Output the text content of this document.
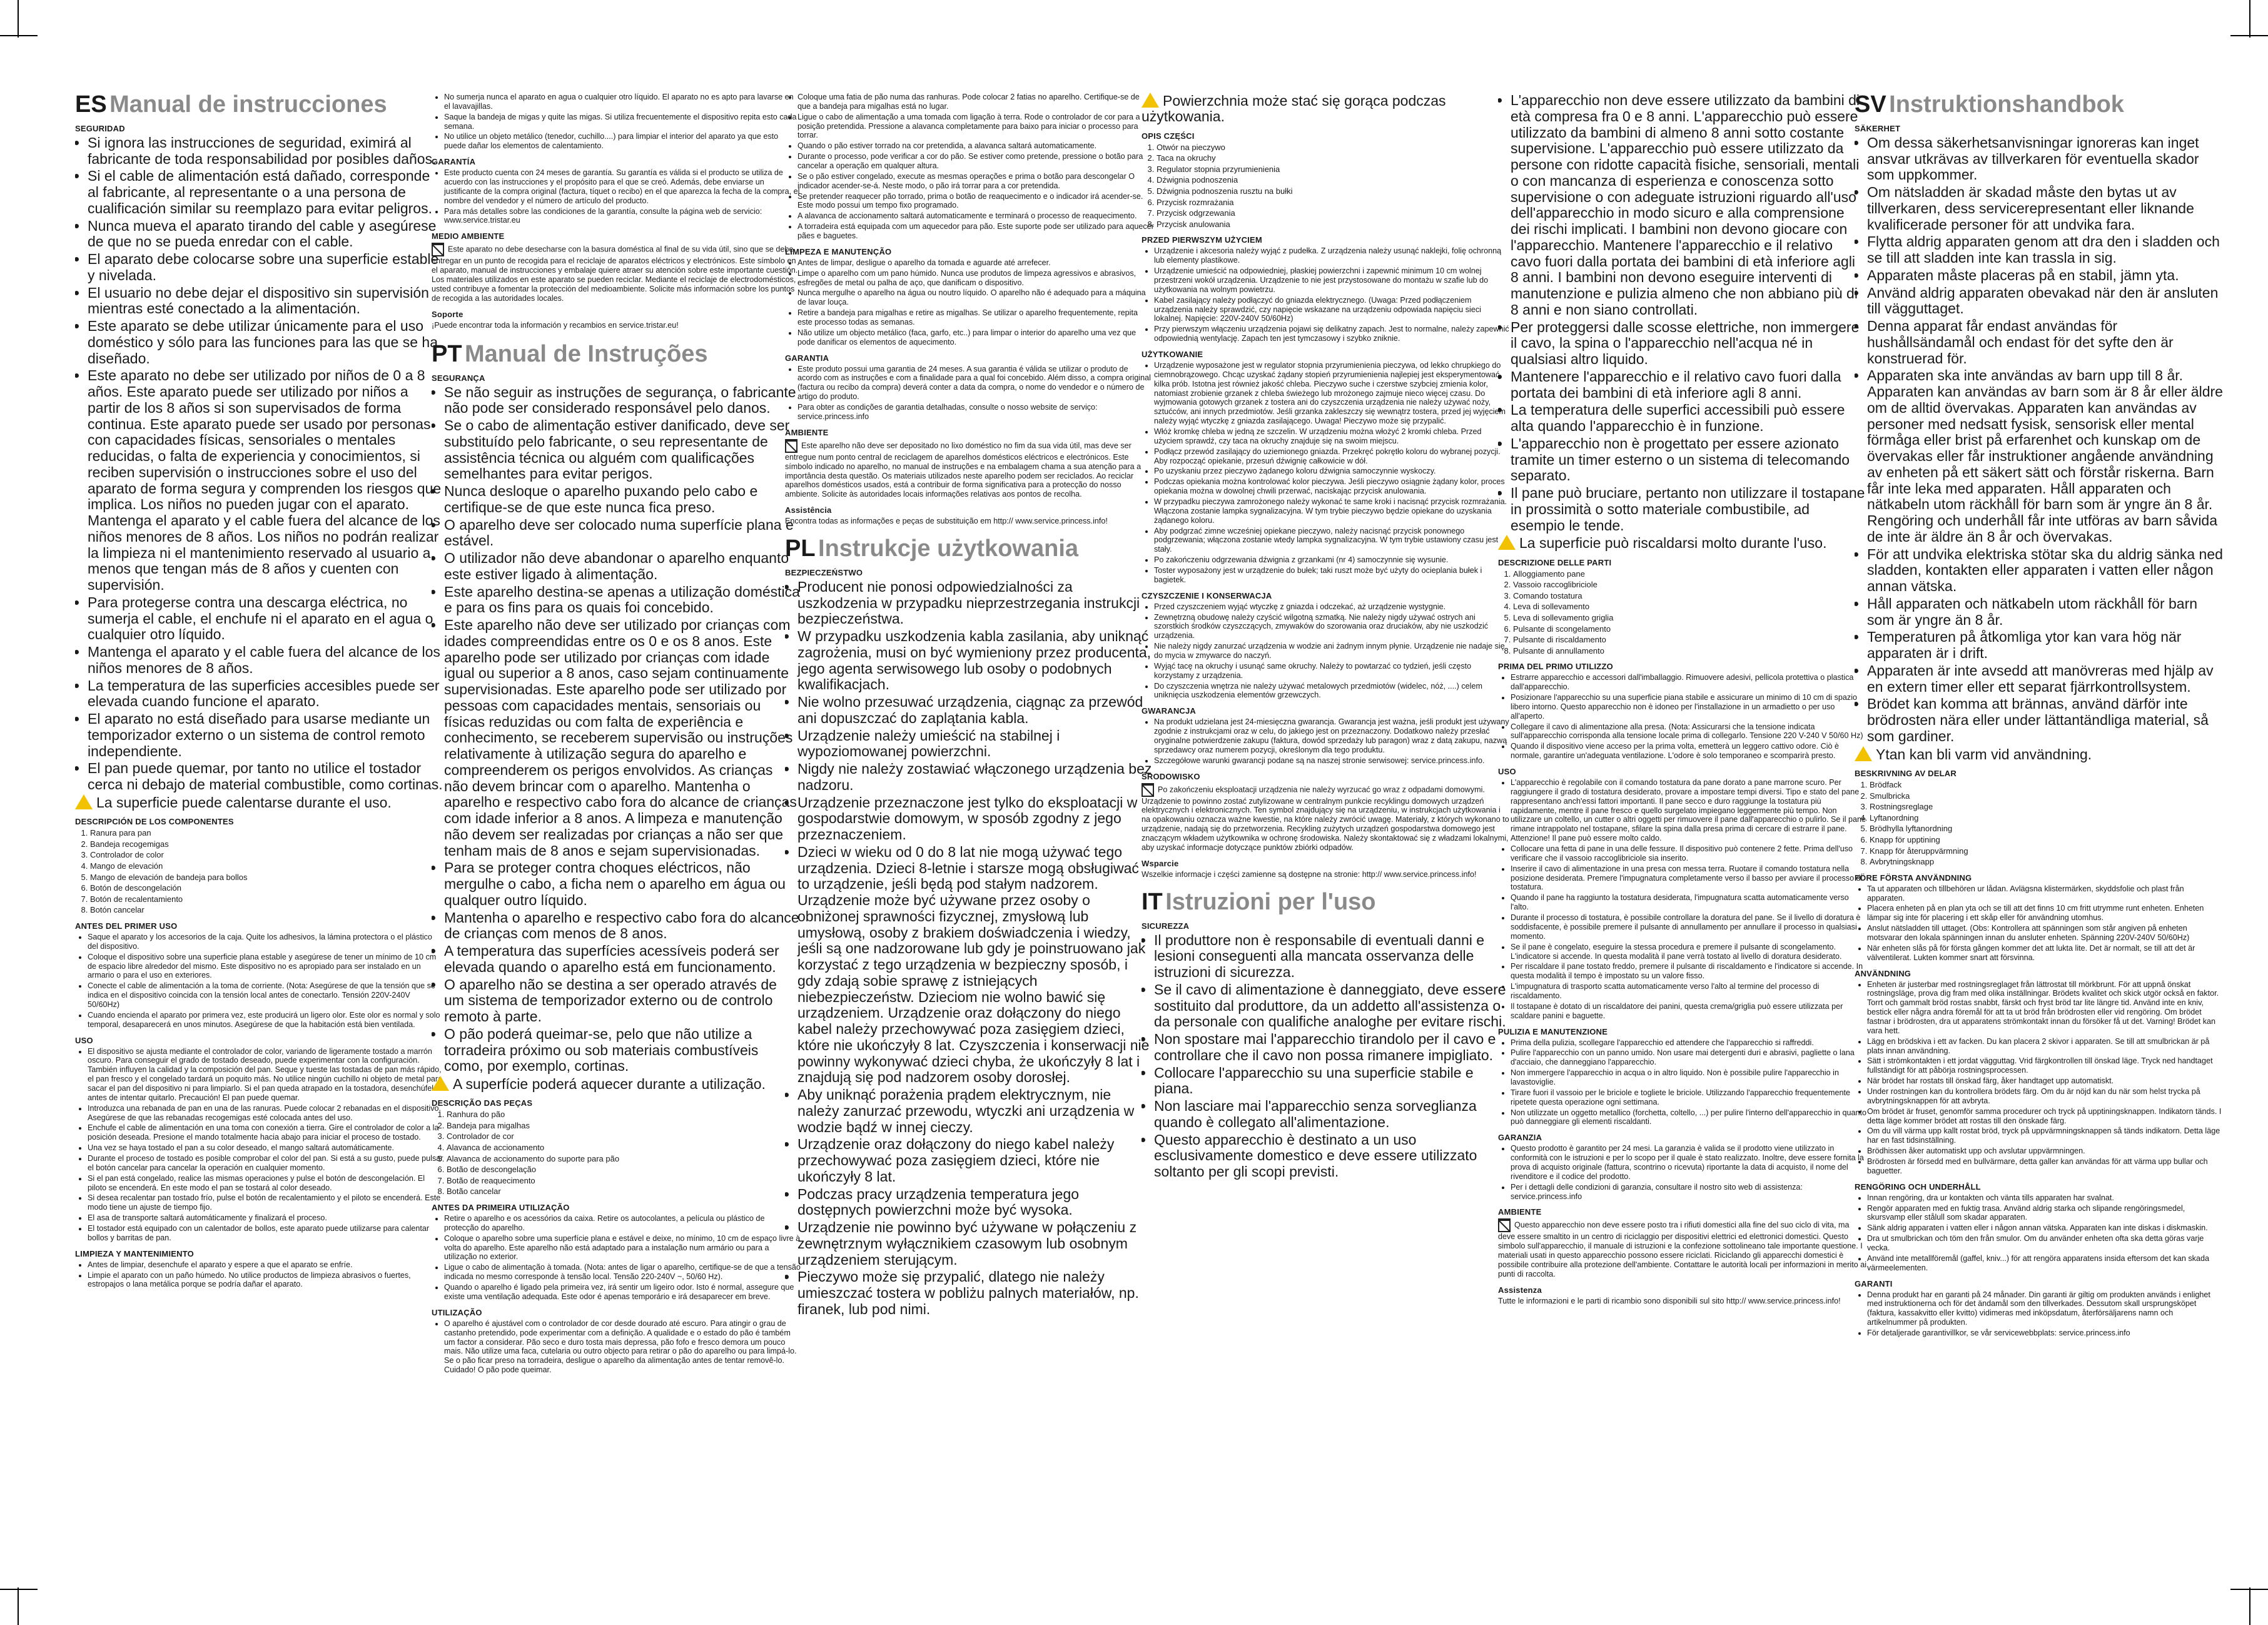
ES Manual de instrucciones
SEGURIDAD
• Si ignora las instrucciones de seguridad, eximirá al fabricante de toda responsabilidad por posibles daños.
• Si el cable de alimentación está dañado, corresponde al fabricante, al representante o a una persona de cualificación similar su reemplazo para evitar peligros.
• Nunca mueva el aparato tirando del cable y asegúrese de que no se pueda enredar con el cable.
• El aparato debe colocarse sobre una superficie estable y nivelada.
• El usuario no debe dejar el dispositivo sin supervisión mientras esté conectado a la alimentación.
• Este aparato se debe utilizar únicamente para el uso doméstico y sólo para las funciones para las que se ha diseñado.
• Este aparato no debe ser utilizado por niños de 0 a 8 años. Este aparato puede ser utilizado por niños a partir de los 8 años si son supervisados de forma continua. Este aparato puede ser usado por personas con capacidades físicas, sensoriales o mentales reducidas, o falta de experiencia y conocimientos, si reciben supervisión o instrucciones sobre el uso del aparato de forma segura y comprenden los riesgos que implica. Los niños no pueden jugar con el aparato. Mantenga el aparato y el cable fuera del alcance de los niños menores de 8 años. Los niños no podrán realizar la limpieza ni el mantenimiento reservado al usuario a menos que tengan más de 8 años y cuenten con supervisión.
• Para protegerse contra una descarga eléctrica, no sumerja el cable, el enchufe ni el aparato en el agua o cualquier otro líquido.
• Mantenga el aparato y el cable fuera del alcance de los niños menores de 8 años.
• La temperatura de las superficies accesibles puede ser elevada cuando funcione el aparato.
• El aparato no está diseñado para usarse mediante un temporizador externo o un sistema de control remoto independiente.
• El pan puede quemar, por tanto no utilice el tostador cerca ni debajo de material combustible, como cortinas.
La superficie puede calentarse durante el uso.
DESCRIPCIÓN DE LOS COMPONENTES
1. Ranura para pan
2. Bandeja recogemigas
3. Controlador de color
4. Mango de elevación
5. Mango de elevación de bandeja para bollos
6. Botón de descongelación
7. Botón de recalentamiento
8. Botón cancelar
ANTES DEL PRIMER USO
• Saque el aparato y los accesorios de la caja. Quite los adhesivos, la lámina protectora o el plástico del dispositivo.
• Coloque el dispositivo sobre una superficie plana estable y asegúrese de tener un mínimo de 10 cm de espacio libre alrededor del mismo. Este dispositivo no es apropiado para ser instalado en un armario o para el uso en exteriores.
• Conecte el cable de alimentación a la toma de corriente. (Nota: Asegúrese de que la tensión que se indica en el dispositivo coincida con la tensión local antes de conectarlo. Tensión 220V-240V 50/60Hz)
• Cuando encienda el aparato por primera vez, este producirá un ligero olor. Este olor es normal y solo temporal, desaparecerá en unos minutos. Asegúrese de que la habitación está bien ventilada.
USO
• El dispositivo se ajusta mediante el controlador de color, variando de ligeramente tostado a marrón oscuro. Para conseguir el grado de tostado deseado, puede experimentar con la configuración. También influyen la calidad y la composición del pan. Seque y tueste las tostadas de pan más rápido, el pan fresco y el congelado tardará un poquito más. No utilice ningún cuchillo ni objeto de metal para sacar el pan del dispositivo ni para limpiarlo. Si el pan queda atrapado en la tostadora, desenchúfela antes de intentar quitarlo. Precaución! El pan puede quemar.
• Introduzca una rebanada de pan en una de las ranuras. Puede colocar 2 rebanadas en el dispositivo. Asegúrese de que las rebanadas recogemigas esté colocada antes del uso.
• Enchufe el cable de alimentación en una toma con conexión a tierra. Gire el controlador de color a la posición deseada. Presione el mando totalmente hacia abajo para iniciar el proceso de tostado.
• Una vez se haya tostado el pan a su color deseado, el mango saltará automáticamente.
• Durante el proceso de tostado es posible comprobar el color del pan. Si está a su gusto, puede pulsar el botón cancelar para cancelar la operación en cualquier momento.
• Si el pan está congelado, realice las mismas operaciones y pulse el botón de descongelación. El piloto se encenderá. En este modo el pan se tostará al color deseado.
• Si desea recalentar pan tostado frío, pulse el botón de recalentamiento y el piloto se encenderá. Este modo tiene un ajuste de tiempo fijo.
• El asa de transporte saltará automáticamente y finalizará el proceso.
• El tostador está equipado con un calentador de bollos, este aparato puede utilizarse para calentar bollos y barritas de pan.
LIMPIEZA Y MANTENIMIENTO
• Antes de limpiar, desenchufe el aparato y espere a que el aparato se enfríe.
• Limpie el aparato con un paño húmedo. No utilice productos de limpieza abrasivos o fuertes, estropajos o lana metálica porque se podría dañar el aparato.
• No sumerja nunca el aparato en agua o cualquier otro líquido. El aparato no es apto para lavarse en el lavavajillas.
• Saque la bandeja de migas y quite las migas. Si utiliza frecuentemente el dispositivo repita esto cada semana.
• No utilice un objeto metálico (tenedor, cuchillo....) para limpiar el interior del aparato ya que esto puede dañar los elementos de calentamiento.
GARANTÍA
• Este producto cuenta con 24 meses de garantía. Su garantía es válida si el producto se utiliza de acuerdo con las instrucciones y el propósito para el que se creó. Además, debe enviarse un justificante de la compra original (factura, tíquet o recibo) en el que aparezca la fecha de la compra, el nombre del vendedor y el número de artículo del producto.
• Para más detalles sobre las condiciones de la garantía, consulte la página web de servicio: www.service.tristar.eu
MEDIO AMBIENTE

Este aparato no debe desecharse con la basura doméstica al final de su vida útil, sino que se debe entregar en un punto de recogida para el reciclaje de aparatos eléctricos y electrónicos. Este símbolo en el aparato, manual de instrucciones y embalaje quiere atraer su atención sobre este importante cuestión. Los materiales utilizados en este aparato se pueden reciclar. Mediante el reciclaje de electrodomésticos, usted contribuye a fomentar la protección del medioambiente. Solicite más información sobre los puntos de recogida a las autoridades locales.

Soporte

¡Puede encontrar toda la información y recambios en service.tristar.eu!

PT Manual de Instruções
SEGURANÇA
• Se não seguir as instruções de segurança, o fabricante não pode ser considerado responsável pelo danos.
• Se o cabo de alimentação estiver danificado, deve ser substituído pelo fabricante, o seu representante de assistência técnica ou alguém com qualificações semelhantes para evitar perigos.
• Nunca desloque o aparelho puxando pelo cabo e certifique-se de que este nunca fica preso.
• O aparelho deve ser colocado numa superfície plana e estável.
• O utilizador não deve abandonar o aparelho enquanto este estiver ligado à alimentação.
• Este aparelho destina-se apenas a utilização doméstica e para os fins para os quais foi concebido.
• Este aparelho não deve ser utilizado por crianças com idades compreendidas entre os 0 e os 8 anos. Este aparelho pode ser utilizado por crianças com idade igual ou superior a 8 anos, caso sejam continuamente supervisionadas. Este aparelho pode ser utilizado por pessoas com capacidades mentais, sensoriais ou físicas reduzidas ou com falta de experiência e conhecimento, se receberem supervisão ou instruções relativamente à utilização segura do aparelho e compreenderem os perigos envolvidos. As crianças não devem brincar com o aparelho. Mantenha o aparelho e respectivo cabo fora do alcance de crianças com idade inferior a 8 anos. A limpeza e manutenção não devem ser realizadas por crianças a não ser que tenham mais de 8 anos e sejam supervisionadas.
• Para se proteger contra choques eléctricos, não mergulhe o cabo, a ficha nem o aparelho em água ou qualquer outro líquido.
• Mantenha o aparelho e respectivo cabo fora do alcance de crianças com menos de 8 anos.
• A temperatura das superfícies acessíveis poderá ser elevada quando o aparelho está em funcionamento.
• O aparelho não se destina a ser operado através de um sistema de temporizador externo ou de controlo remoto à parte.
• O pão poderá queimar-se, pelo que não utilize a torradeira próximo ou sob materiais combustíveis como, por exemplo, cortinas.
A superfície poderá aquecer durante a utilização.
DESCRIÇÃO DAS PEÇAS
1. Ranhura do pão
2. Bandeja para migalhas
3. Controlador de cor
4. Alavanca de accionamento
5. Alavanca de accionamento do suporte para pão
6. Botão de descongelação
7. Botão de reaquecimento
8. Botão cancelar
ANTES DA PRIMEIRA UTILIZAÇÃO
• Retire o aparelho e os acessórios da caixa. Retire os autocolantes, a película ou plástico de protecção do aparelho.
• Coloque o aparelho sobre uma superfície plana e estável e deixe, no mínimo, 10 cm de espaço livre à volta do aparelho. Este aparelho não está adaptado para a instalação num armário ou para a utilização no exterior.
• Ligue o cabo de alimentação à tomada. (Nota: antes de ligar o aparelho, certifique-se de que a tensão indicada no mesmo corresponde à tensão local. Tensão 220-240V ~, 50/60 Hz).
• Quando o aparelho é ligado pela primeira vez, irá sentir um ligeiro odor. Isto é normal, assegure que existe uma ventilação adequada. Este odor é apenas temporário e irá desaparecer em breve.
UTILIZAÇÃO
• O aparelho é ajustável com o controlador de cor desde dourado até escuro. Para atingir o grau de castanho pretendido, pode experimentar com a definição. A qualidade e o estado do pão é também um factor a considerar. Pão seco e duro tosta mais depressa, pão fofo e fresco demora um pouco mais. Não utilize uma faca, cutelaria ou outro objecto para retirar o pão do aparelho ou para limpá-lo. Se o pão ficar preso na torradeira, desligue o aparelho da alimentação antes de tentar removê-lo. Cuidado! O pão pode queimar.
• Coloque uma fatia de pão numa das ranhuras. Pode colocar 2 fatias no aparelho. Certifique-se de que a bandeja para migalhas está no lugar.
• Ligue o cabo de alimentação a uma tomada com ligação à terra. Rode o controlador de cor para a posição pretendida. Pressione a alavanca completamente para baixo para iniciar o processo para torrar.
• Quando o pão estiver torrado na cor pretendida, a alavanca saltará automaticamente.
• Durante o processo, pode verificar a cor do pão. Se estiver como pretende, pressione o botão para cancelar a operação em qualquer altura.
• Se o pão estiver congelado, execute as mesmas operações e prima o botão para descongelar O indicador acender-se-á. Neste modo, o pão irá torrar para a cor pretendida.
• Se pretender reaquecer pão torrado, prima o botão de reaquecimento e o indicador irá acender-se. Este modo possui um tempo fixo programado.
• A alavanca de accionamento saltará automaticamente e terminará o processo de reaquecimento.
• A torradeira está equipada com um aquecedor para pão. Este suporte pode ser utilizado para aquecer pães e baguetes.
LIMPEZA E MANUTENÇÃO
• Antes de limpar, desligue o aparelho da tomada e aguarde até arrefecer.
• Limpe o aparelho com um pano húmido. Nunca use produtos de limpeza agressivos e abrasivos, esfregões de metal ou palha de aço, que danificam o dispositivo.
• Nunca mergulhe o aparelho na água ou noutro líquido. O aparelho não é adequado para a máquina de lavar louça.
• Retire a bandeja para migalhas e retire as migalhas. Se utilizar o aparelho frequentemente, repita este processo todas as semanas.
• Não utilize um objecto metálico (faca, garfo, etc..) para limpar o interior do aparelho uma vez que pode danificar os elementos de aquecimento.
GARANTIA
• Este produto possui uma garantia de 24 meses. A sua garantia é válida se utilizar o produto de acordo com as instruções e com a finalidade para a qual foi concebido. Além disso, a compra original (factura ou recibo da compra) deverá conter a data da compra, o nome do vendedor e o número de artigo do produto.
• Para obter as condições de garantia detalhadas, consulte o nosso website de serviço: service.princess.info
AMBIENTE

Este aparelho não deve ser depositado no lixo doméstico no fim da sua vida útil, mas deve ser entregue num ponto central de reciclagem de aparelhos domésticos eléctricos e electrónicos. Este símbolo indicado no aparelho, no manual de instruções e na embalagem chama a sua atenção para a importância desta questão. Os materiais utilizados neste aparelho podem ser reciclados. Ao reciclar aparelhos domésticos usados, está a contribuir de forma significativa para a protecção do nosso ambiente. Solicite às autoridades locais informações relativas aos pontos de recolha.

Assistência

Encontra todas as informações e peças de substituição em http:// www.service.princess.info!

PL Instrukcje użytkowania
BEZPIECZEŃSTWO
• Producent nie ponosi odpowiedzialności za uszkodzenia w przypadku nieprzestrzegania instrukcji bezpieczeństwa.
• W przypadku uszkodzenia kabla zasilania, aby uniknąć zagrożenia, musi on być wymieniony przez producenta, jego agenta serwisowego lub osoby o podobnych kwalifikacjach.
• Nie wolno przesuwać urządzenia, ciągnąc za przewód ani dopuszczać do zaplątania kabla.
• Urządzenie należy umieścić na stabilnej i wypoziomowanej powierzchni.
• Nigdy nie należy zostawiać włączonego urządzenia bez nadzoru.
• Urządzenie przeznaczone jest tylko do eksploatacji w gospodarstwie domowym, w sposób zgodny z jego przeznaczeniem.
• Dzieci w wieku od 0 do 8 lat nie mogą używać tego urządzenia. Dzieci 8-letnie i starsze mogą obsługiwać to urządzenie, jeśli będą pod stałym nadzorem. Urządzenie może być używane przez osoby o obniżonej sprawności fizycznej, zmysłową lub umysłową, osoby z brakiem doświadczenia i wiedzy, jeśli są one nadzorowane lub gdy je poinstruowano jak korzystać z tego urządzenia w bezpieczny sposób, i gdy zdają sobie sprawę z istniejących niebezpieczeństw. Dzieciom nie wolno bawić się urządzeniem. Urządzenie oraz dołączony do niego kabel należy przechowywać poza zasięgiem dzieci, które nie ukończyły 8 lat. Czyszczenia i konserwacji nie powinny wykonywać dzieci chyba, że ukończyły 8 lat i znajdują się pod nadzorem osoby dorosłej.
• Aby uniknąć porażenia prądem elektrycznym, nie należy zanurzać przewodu, wtyczki ani urządzenia w wodzie bądź w innej cieczy.
• Urządzenie oraz dołączony do niego kabel należy przechowywać poza zasięgiem dzieci, które nie ukończyły 8 lat.
• Podczas pracy urządzenia temperatura jego dostępnych powierzchni może być wysoka.
• Urządzenie nie powinno być używane w połączeniu z zewnętrznym wyłącznikiem czasowym lub osobnym urządzeniem sterującym.
• Pieczywo może się przypalić, dlatego nie należy umieszczać tostera w pobliżu palnych materiałów, np. firanek, lub pod nimi.
Powierzchnia może stać się gorąca podczas użytkowania.
OPIS CZĘŚCI
1. Otwór na pieczywo
2. Taca na okruchy
3. Regulator stopnia przyrumienienia
4. Dźwignia podnoszenia
5. Dźwignia podnoszenia rusztu na bułki
6. Przycisk rozmrażania
7. Przycisk odgrzewania
8. Przycisk anulowania
PRZED PIERWSZYM UŻYCIEM
• Urządzenie i akcesoria należy wyjąć z pudełka. Z urządzenia należy usunąć naklejki, folię ochronną lub elementy plastikowe.
• Urządzenie umieścić na odpowiedniej, płaskiej powierzchni i zapewnić minimum 10 cm wolnej przestrzeni wokół urządzenia. Urządzenie to nie jest przystosowane do montażu w szafie lub do użytkowania na wolnym powietrzu.
• Kabel zasilający należy podłączyć do gniazda elektrycznego. (Uwaga: Przed podłączeniem urządzenia należy sprawdzić, czy napięcie wskazane na urządzeniu odpowiada napięciu sieci lokalnej. Napięcie: 220V-240V 50/60Hz)
• Przy pierwszym włączeniu urządzenia pojawi się delikatny zapach. Jest to normalne, należy zapewnić odpowiednią wentylację. Zapach ten jest tymczasowy i szybko zniknie.
UŻYTKOWANIE
• Urządzenie wyposażone jest w regulator stopnia przyrumienienia pieczywa, od lekko chrupkiego do ciemnobrązowego. Chcąc uzyskać żądany stopień przyrumienienia najlepiej jest eksperymentować kilka prób. Istotna jest również jakość chleba. Pieczywo suche i czerstwe szybciej zmienia kolor, natomiast zrobienie grzanek z chleba świeżego lub mrożonego zajmuje nieco więcej czasu. Do wyjmowania gotowych grzanek z tostera ani do czyszczenia urządzenia nie należy używać noży, sztućców, ani innych przedmiotów. Jeśli grzanka zakleszczy się wewnątrz tostera, przed jej wyjęciem należy wyjąć wtyczkę z gniazda zasilającego. Uwaga! Pieczywo może się przypalić.
• Włóż kromkę chleba w jedną ze szczelin. W urządzeniu można włożyć 2 kromki chleba. Przed użyciem sprawdź, czy taca na okruchy znajduje się na swoim miejscu.
• Podłącz przewód zasilający do uziemionego gniazda. Przekręć pokrętło koloru do wybranej pozycji. Aby rozpocząć opiekanie, przesuń dźwignię całkowicie w dół.
• Po uzyskaniu przez pieczywo żądanego koloru dźwignia samoczynnie wyskoczy.
• Podczas opiekania można kontrolować kolor pieczywa. Jeśli pieczywo osiągnie żądany kolor, proces opiekania można w dowolnej chwili przerwać, naciskając przycisk anulowania.
• W przypadku pieczywa zamrożonego należy wykonać te same kroki i nacisnąć przycisk rozmrażania. Włączona zostanie lampka sygnalizacyjna. W tym trybie pieczywo będzie opiekane do uzyskania żądanego koloru.
• Aby podgrzać zimne wcześniej opiekane pieczywo, należy nacisnąć przycisk ponownego podgrzewania; włączona zostanie wtedy lampka sygnalizacyjna. W tym trybie ustawiony czasu jest stały.
• Po zakończeniu odgrzewania dźwignia z grzankami (nr 4) samoczynnie się wysunie.
• Toster wyposażony jest w urządzenie do bułek; taki ruszt może być użyty do ocieplania bułek i bagietek.
CZYSZCZENIE I KONSERWACJA
• Przed czyszczeniem wyjąć wtyczkę z gniazda i odczekać, aż urządzenie wystygnie.
• Zewnętrzną obudowę należy czyścić wilgotną szmatką. Nie należy nigdy używać ostrych ani szorstkich środków czyszczących, zmywaków do szorowania oraz druciaków, aby nie uszkodzić urządzenia.
• Nie należy nigdy zanurzać urządzenia w wodzie ani żadnym innym płynie. Urządzenie nie nadaje się do mycia w zmywarce do naczyń.
• Wyjąć tacę na okruchy i usunąć same okruchy. Należy to powtarzać co tydzień, jeśli często korzystamy z urządzenia.
• Do czyszczenia wnętrza nie należy używać metalowych przedmiotów (widelec, nóż, ....) celem uniknięcia uszkodzenia elementów grzewczych.
GWARANCJA
• Na produkt udzielana jest 24-miesięczna gwarancja. Gwarancja jest ważna, jeśli produkt jest używany zgodnie z instrukcjami oraz w celu, do jakiego jest on przeznaczony. Dodatkowo należy przesłać oryginalne potwierdzenie zakupu (faktura, dowód sprzedaży lub paragon) wraz z datą zakupu, nazwą sprzedawcy oraz numerem pozycji, określonym dla tego produktu.
• Szczegółowe warunki gwarancji podane są na naszej stronie serwisowej: service.princess.info.
ŚRODOWISKO

Po zakończeniu eksploatacji urządzenia nie należy wyrzucać go wraz z odpadami domowymi. Urządzenie to powinno zostać zutylizowane w centralnym punkcie recyklingu domowych urządzeń elektrycznych i elektronicznych. Ten symbol znajdujący się na urządzeniu, w instrukcjach użytkowania i na opakowaniu oznacza ważne kwestie, na które należy zwrócić uwagę. Materiały, z których wykonano to urządzenie, nadają się do przetworzenia. Recykling zużytych urządzeń gospodarstwa domowego jest znaczącym wkładem użytkownika w ochronę środowiska. Należy skontaktować się z władzami lokalnymi, aby uzyskać informacje dotyczące punktów zbiórki odpadów.

Wsparcie

Wszelkie informacje i części zamienne są dostępne na stronie: http:// www.service.princess.info!

IT Istruzioni per l'uso
SICUREZZA
• Il produttore non è responsabile di eventuali danni e lesioni conseguenti alla mancata osservanza delle istruzioni di sicurezza.
• Se il cavo di alimentazione è danneggiato, deve essere sostituito dal produttore, da un addetto all'assistenza o da personale con qualifiche analoghe per evitare rischi.
• Non spostare mai l'apparecchio tirandolo per il cavo e controllare che il cavo non possa rimanere impigliato.
• Collocare l'apparecchio su una superficie stabile e piana.
• Non lasciare mai l'apparecchio senza sorveglianza quando è collegato all'alimentazione.
• Questo apparecchio è destinato a un uso esclusivamente domestico e deve essere utilizzato soltanto per gli scopi previsti.
• L'apparecchio non deve essere utilizzato da bambini di età compresa fra 0 e 8 anni. L'apparecchio può essere utilizzato da bambini di almeno 8 anni sotto costante supervisione. L'apparecchio può essere utilizzato da persone con ridotte capacità fisiche, sensoriali, mentali o con mancanza di esperienza e conoscenza sotto supervisione o con adeguate istruzioni riguardo all'uso dell'apparecchio in modo sicuro e alla comprensione dei rischi implicati. I bambini non devono giocare con l'apparecchio. Mantenere l'apparecchio e il relativo cavo fuori dalla portata dei bambini di età inferiore agli 8 anni. I bambini non devono eseguire interventi di manutenzione e pulizia almeno che non abbiano più di 8 anni e non siano controllati.
• Per proteggersi dalle scosse elettriche, non immergere il cavo, la spina o l'apparecchio nell'acqua né in qualsiasi altro liquido.
• Mantenere l'apparecchio e il relativo cavo fuori dalla portata dei bambini di età inferiore agli 8 anni.
• La temperatura delle superfici accessibili può essere alta quando l'apparecchio è in funzione.
• L'apparecchio non è progettato per essere azionato tramite un timer esterno o un sistema di telecomando separato.
• Il pane può bruciare, pertanto non utilizzare il tostapane in prossimità o sotto materiale combustibile, ad esempio le tende.
La superficie può riscaldarsi molto durante l'uso.
DESCRIZIONE DELLE PARTI
1. Alloggiamento pane
2. Vassoio raccoglibriciole
3. Comando tostatura
4. Leva di sollevamento
5. Leva di sollevamento griglia
6. Pulsante di scongelamento
7. Pulsante di riscaldamento
8. Pulsante di annullamento
PRIMA DEL PRIMO UTILIZZO
• Estrarre apparecchio e accessori dall'imballaggio. Rimuovere adesivi, pellicola protettiva o plastica dall'apparecchio.
• Posizionare l'apparecchio su una superficie piana stabile e assicurare un minimo di 10 cm di spazio libero intorno. Questo apparecchio non è idoneo per l'installazione in un armadietto o per uso all'aperto.
• Collegare il cavo di alimentazione alla presa. (Nota: Assicurarsi che la tensione indicata sull'apparecchio corrisponda alla tensione locale prima di collegarlo. Tensione 220 V-240 V 50/60 Hz)
• Quando il dispositivo viene acceso per la prima volta, emetterà un leggero cattivo odore. Ciò è normale, garantire un'adeguata ventilazione. L'odore è solo temporaneo e scomparirà presto.
USO
• L'apparecchio è regolabile con il comando tostatura da pane dorato a pane marrone scuro. Per raggiungere il grado di tostatura desiderato, provare a impostare tempi diversi. Tipo e stato del pane rappresentano anch'essi fattori importanti. Il pane secco e duro raggiunge la tostatura più rapidamente, mentre il pane fresco e quello surgelato impiegano leggermente più tempo. Non utilizzare un coltello, un cutter o altri oggetti per rimuovere il pane dall'apparecchio o pulirlo. Se il pane rimane intrappolato nel tostapane, sfilare la spina dalla presa prima di cercare di estrarre il pane. Attenzione! Il pane può essere molto caldo.
• Collocare una fetta di pane in una delle fessure. Il dispositivo può contenere 2 fette. Prima dell'uso verificare che il vassoio raccoglibriciole sia inserito.
• Inserire il cavo di alimentazione in una presa con messa terra. Ruotare il comando tostatura nella posizione desiderata. Premere l'impugnatura completamente verso il basso per avviare il processo di tostatura.
• Quando il pane ha raggiunto la tostatura desiderata, l'impugnatura scatta automaticamente verso l'alto.
• Durante il processo di tostatura, è possibile controllare la doratura del pane. Se il livello di doratura è soddisfacente, è possibile premere il pulsante di annullamento per annullare il processo in qualsiasi momento.
• Se il pane è congelato, eseguire la stessa procedura e premere il pulsante di scongelamento. L'indicatore si accende. In questa modalità il pane verrà tostato al livello di doratura desiderato.
• Per riscaldare il pane tostato freddo, premere il pulsante di riscaldamento e l'indicatore si accende. In questa modalità il tempo è impostato su un valore fisso.
• L'impugnatura di trasporto scatta automaticamente verso l'alto al termine del processo di riscaldamento.
• Il tostapane è dotato di un riscaldatore dei panini, questa crema/griglia può essere utilizzata per scaldare panini e baguette.
PULIZIA E MANUTENZIONE
• Prima della pulizia, scollegare l'apparecchio ed attendere che l'apparecchio si raffreddi.
• Pulire l'apparecchio con un panno umido. Non usare mai detergenti duri e abrasivi, pagliette o lana d'acciaio, che danneggiano l'apparecchio.
• Non immergere l'apparecchio in acqua o in altro liquido. Non è possibile pulire l'apparecchio in lavastoviglie.
• Tirare fuori il vassoio per le briciole e togliete le briciole. Utilizzando l'apparecchio frequentemente ripetete questa operazione ogni settimana.
• Non utilizzate un oggetto metallico (forchetta, coltello, ...) per pulire l'interno dell'apparecchio in quanto può danneggiare gli elementi riscaldanti.
GARANZIA
• Questo prodotto è garantito per 24 mesi. La garanzia è valida se il prodotto viene utilizzato in conformità con le istruzioni e per lo scopo per il quale è stato realizzato. Inoltre, deve essere fornita la prova di acquisto originale (fattura, scontrino o ricevuta) riportante la data di acquisto, il nome del rivenditore e il codice del prodotto.
• Per i dettagli delle condizioni di garanzia, consultare il nostro sito web di assistenza: service.princess.info
AMBIENTE

Questo apparecchio non deve essere posto tra i rifiuti domestici alla fine del suo ciclo di vita, ma deve essere smaltito in un centro di riciclaggio per dispositivi elettrici ed elettronici domestici. Questo simbolo sull'apparecchio, il manuale di istruzioni e la confezione sottolineano tale importante questione. I materiali usati in questo apparecchio possono essere riciclati. Riciclando gli apparecchi domestici è possibile contribuire alla protezione dell'ambiente. Contattare le autorità locali per informazioni in merito ai punti di raccolta.

Assistenza

Tutte le informazioni e le parti di ricambio sono disponibili sul sito http:// www.service.princess.info!

SV Instruktionshandbok
SÄKERHET
• Om dessa säkerhetsanvisningar ignoreras kan inget ansvar utkrävas av tillverkaren för eventuella skador som uppkommer.
• Om nätsladden är skadad måste den bytas ut av tillverkaren, dess servicerepresentant eller liknande kvalificerade personer för att undvika fara.
• Flytta aldrig apparaten genom att dra den i sladden och se till att sladden inte kan trassla in sig.
• Apparaten måste placeras på en stabil, jämn yta.
• Använd aldrig apparaten obevakad när den är ansluten till vägguttaget.
• Denna apparat får endast användas för hushållsändamål och endast för det syfte den är konstruerad för.
• Apparaten ska inte användas av barn upp till 8 år. Apparaten kan användas av barn som är 8 år eller äldre om de alltid övervakas. Apparaten kan användas av personer med nedsatt fysisk, sensorisk eller mental förmåga eller brist på erfarenhet och kunskap om de övervakas eller får instruktioner angående användning av enheten på ett säkert sätt och förstår riskerna. Barn får inte leka med apparaten. Håll apparaten och nätkabeln utom räckhåll för barn som är yngre än 8 år. Rengöring och underhåll får inte utföras av barn såvida de inte är äldre än 8 år och övervakas.
• För att undvika elektriska stötar ska du aldrig sänka ned sladden, kontakten eller apparaten i vatten eller någon annan vätska.
• Håll apparaten och nätkabeln utom räckhåll för barn som är yngre än 8 år.
• Temperaturen på åtkomliga ytor kan vara hög när apparaten är i drift.
• Apparaten är inte avsedd att manövreras med hjälp av en extern timer eller ett separat fjärrkontrollsystem.
• Brödet kan komma att brännas, använd därför inte brödrosten nära eller under lättantändliga material, så som gardiner.
Ytan kan bli varm vid användning.
BESKRIVNING AV DELAR
1. Brödfack
2. Smulbricka
3. Rostningsreglage
4. Lyftanordning
5. Brödhylla lyftanordning
6. Knapp för upptining
7. Knapp för återuppvärmning
8. Avbrytningsknapp
FÖRE FÖRSTA ANVÄNDNING
• Ta ut apparaten och tillbehören ur lådan. Avlägsna klistermärken, skyddsfolie och plast från apparaten.
• Placera enheten på en plan yta och se till att det finns 10 cm fritt utrymme runt enheten. Enheten lämpar sig inte för placering i ett skåp eller för användning utomhus.
• Anslut nätsladden till uttaget. (Obs: Kontrollera att spänningen som står angiven på enheten motsvarar den lokala spänningen innan du ansluter enheten. Spänning 220V-240V 50/60Hz)
• När enheten slås på för första gången kommer det att lukta lite. Det är normalt, se till att det är välventilerat. Lukten kommer snart att försvinna.
ANVÄNDNING
• Enheten är justerbar med rostningsreglaget från lättrostat till mörkbrunt. För att uppnå önskat rostningsläge, prova dig fram med olika inställningar. Brödets kvalitet och skick utgör också en faktor. Torrt och gammalt bröd rostas snabbt, färskt och fryst bröd tar lite längre tid. Använd inte en kniv, bestick eller några andra föremål för att ta ut bröd från brödrosten eller vid rengöring. Om brödet fastnar i brödrosten, dra ut apparatens strömkontakt innan du försöker få ut det. Varning! Brödet kan vara hett.
• Lägg en brödskiva i ett av facken. Du kan placera 2 skivor i apparaten. Se till att smulbrickan är på plats innan användning.
• Sätt i strömkontakten i ett jordat vägguttag. Vrid färgkontrollen till önskad läge. Tryck ned handtaget fullständigt för att påbörja rostningsprocessen.
• När brödet har rostats till önskad färg, åker handtaget upp automatiskt.
• Under rostningen kan du kontrollera brödets färg. Om du är nöjd kan du när som helst trycka på avbrytningsknappen för att avbryta.
• Om brödet är fruset, genomför samma procedurer och tryck på upptiningsknappen. Indikatorn tänds. I detta läge kommer brödet att rostas till den önskade färg.
• Om du vill värma upp kallt rostat bröd, tryck på uppvärmningsknappen så tänds indikatorn. Detta läge har en fast tidsinställning.
• Brödhissen åker automatiskt upp och avslutar uppvärmningen.
• Brödrosten är försedd med en bullvärmare, detta galler kan användas för att värma upp bullar och baguetter.
RENGÖRING OCH UNDERHÅLL
• Innan rengöring, dra ur kontakten och vänta tills apparaten har svalnat.
• Rengör apparaten med en fuktig trasa. Använd aldrig starka och slipande rengöringsmedel, skursvamp eller stålull som skadar apparaten.
• Sänk aldrig apparaten i vatten eller i någon annan vätska. Apparaten kan inte diskas i diskmaskin.
• Dra ut smulbrickan och töm den från smulor. Om du använder enheten ofta ska detta göras varje vecka.
• Använd inte metallföremål (gaffel, kniv...) för att rengöra apparatens insida eftersom det kan skada värmeelementen.
GARANTI
• Denna produkt har en garanti på 24 månader. Din garanti är giltig om produkten används i enlighet med instruktionerna och för det ändamål som den tillverkades. Dessutom skall ursprungsköpet (faktura, kassakvitto eller kvitto) vidimeras med inköpsdatum, återförsäljarens namn och artikelnummer på produkten.
• För detaljerade garantivillkor, se vår servicewebbplats: service.princess.info
